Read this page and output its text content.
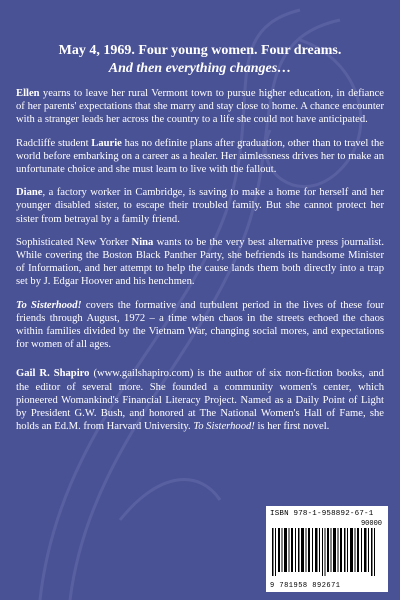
May 4, 1969. Four young women. Four dreams.
And then everything changes…

Ellen yearns to leave her rural Vermont town to pursue higher education, in defiance of her parents' expectations that she marry and stay close to home. A chance encounter with a stranger leads her across the country to a life she could not have anticipated.

Radcliffe student Laurie has no definite plans after graduation, other than to travel the world before embarking on a career as a healer. Her aimlessness drives her to make an unfortunate choice and she must learn to live with the fallout.

Diane, a factory worker in Cambridge, is saving to make a home for herself and her younger disabled sister, to escape their troubled family. But she cannot protect her sister from betrayal by a family friend.

Sophisticated New Yorker Nina wants to be the very best alternative press journalist. While covering the Boston Black Panther Party, she befriends its handsome Minister of Information, and her attempt to help the cause lands them both directly into a trap set by J. Edgar Hoover and his henchmen.

To Sisterhood! covers the formative and turbulent period in the lives of these four friends through August, 1972 – a time when chaos in the streets echoed the chaos within families divided by the Vietnam War, changing social mores, and expectations for women of all ages.

Gail R. Shapiro (www.gailshapiro.com) is the author of six non-fiction books, and the editor of several more. She founded a community women's center, which pioneered Womankind's Financial Literacy Project. Named as a Daily Point of Light by President G.W. Bush, and honored at The National Women's Hall of Fame, she holds an Ed.M. from Harvard University. To Sisterhood! is her first novel.

ISBN 978-1-958892-67-1
90000
9 781958 892671
